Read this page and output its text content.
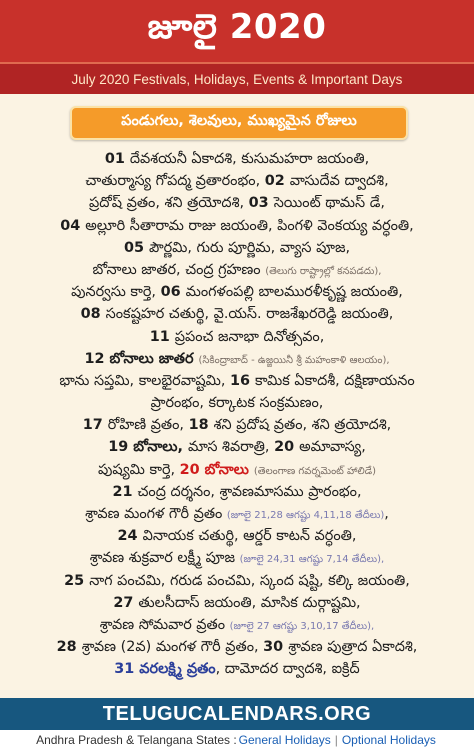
జూలై 2020
July 2020 Festivals, Holidays, Events & Important Days
పండుగలు, శెలవులు, ముఖ్యమైన రోజులు
01 దేవశయనీ ఏకాదశి, కుసుమహరా జయంతి,
చాతుర్మాస్య గోపద్మ వ్రతారంభం, 02 వాసుదేవ ద్వాదశి,
ప్రదోష్ వ్రతం, శని త్రయోదశి, 03 సెయింట్ థామస్ డే,
04 అల్లూరి సీతారామ రాజు జయంతి, పింగళి వెంకయ్య వర్ధంతి,
05 పౌర్ణమి, గురు పూర్ణిమ, వ్యాస పూజ,
బోనాలు జాతర, చంద్ర గ్రహణం (తెలుగు రాష్ట్రాల్లో కనపడదు),
పునర్వసు కార్తె, 06 మంగళంపల్లి బాలమురళీకృష్ణ జయంతి,
08 సంకష్టహర చతుర్థి, వై.యస్. రాజశేఖరరెడ్డి జయంతి,
11 ప్రపంచ జనాభా దినోత్సవం,
12 బోనాలు జాతర (సికింద్రాబాద్ - ఉజ్జయినీ శ్రీ మహంకాళి ఆలయం),
భాను సప్తమి, కాలభైరవాష్టమి, 16 కామిక ఏకాదశీ, దక్షిణాయనం
ప్రారంభం, కర్కాటక సంక్రమణం,
17 రోహిణి వ్రతం, 18 శని ప్రదోష వ్రతం, శని త్రయోదశి,
19 బోనాలు, మాస శివరాత్రి, 20 అమావాస్య,
పుష్యమి కార్తె, 20 బోనాలు (తెలంగాణ గవర్నమెంట్ హాలిడే)
21 చంద్ర దర్శనం, శ్రావణమాసము ప్రారంభం,
శ్రావణ మంగళ గౌరీ వ్రతం (జూలై 21,28 ఆగష్టు 4,11,18 తేదీలు),
24 వినాయక చతుర్థి, ఆర్డర్ కాటన్ వర్ధంతి,
శ్రావణ శుక్రవార లక్ష్మీ పూజ (జూలై 24,31 ఆగష్టు 7,14 తేదీలు),
25 నాగ పంచమి, గరుడ పంచమి, స్కంద షష్టి, కల్కి జయంతి,
27 తులసీదాస్ జయంతి, మాసిక దుర్గాష్టమి,
శ్రావణ సోమవార వ్రతం (జూలై 27 ఆగష్టు 3,10,17 తేదీలు),
28 శ్రావణ (2వ) మంగళ గౌరీ వ్రతం, 30 శ్రావణ పుత్రాద ఏకాదశి,
31 వరలక్ష్మి వ్రతం, దామోదర ద్వాదశి, ఐక్రిద్
TELUGUCALENDARS.ORG
Andhra Pradesh & Telangana States : General Holidays | Optional Holidays
